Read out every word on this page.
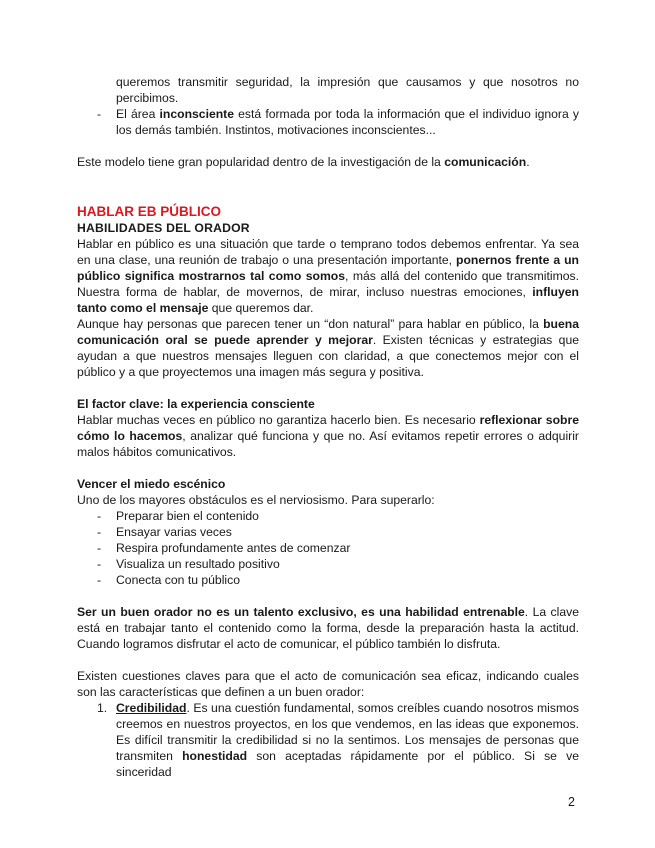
queremos transmitir seguridad, la impresión que causamos y que nosotros no percibimos.

- El área inconsciente está formada por toda la información que el individuo ignora y los demás también. Instintos, motivaciones inconscientes...

Este modelo tiene gran popularidad dentro de la investigación de la comunicación.

HABLAR EB PÚBLICO
HABILIDADES DEL ORADOR

Hablar en público es una situación que tarde o temprano todos debemos enfrentar. Ya sea en una clase, una reunión de trabajo o una presentación importante, ponernos frente a un público significa mostrarnos tal como somos, más allá del contenido que transmitimos. Nuestra forma de hablar, de movernos, de mirar, incluso nuestras emociones, influyen tanto como el mensaje que queremos dar.

Aunque hay personas que parecen tener un “don natural” para hablar en público, la buena comunicación oral se puede aprender y mejorar. Existen técnicas y estrategias que ayudan a que nuestros mensajes lleguen con claridad, a que conectemos mejor con el público y a que proyectemos una imagen más segura y positiva.

El factor clave: la experiencia consciente

Hablar muchas veces en público no garantiza hacerlo bien. Es necesario reflexionar sobre cómo lo hacemos, analizar qué funciona y que no. Así evitamos repetir errores o adquirir malos hábitos comunicativos.

Vencer el miedo escénico

Uno de los mayores obstáculos es el nerviosismo. Para superarlo:

- Preparar bien el contenido
- Ensayar varias veces
- Respira profundamente antes de comenzar
- Visualiza un resultado positivo
- Conecta con tu público

Ser un buen orador no es un talento exclusivo, es una habilidad entrenable. La clave está en trabajar tanto el contenido como la forma, desde la preparación hasta la actitud. Cuando logramos disfrutar el acto de comunicar, el público también lo disfruta.

Existen cuestiones claves para que el acto de comunicación sea eficaz, indicando cuales son las características que definen a un buen orador:

1. Credibilidad. Es una cuestión fundamental, somos creíbles cuando nosotros mismos creemos en nuestros proyectos, en los que vendemos, en las ideas que exponemos. Es difícil transmitir la credibilidad si no la sentimos. Los mensajes de personas que transmiten honestidad son aceptadas rápidamente por el público. Si se ve sinceridad
2
